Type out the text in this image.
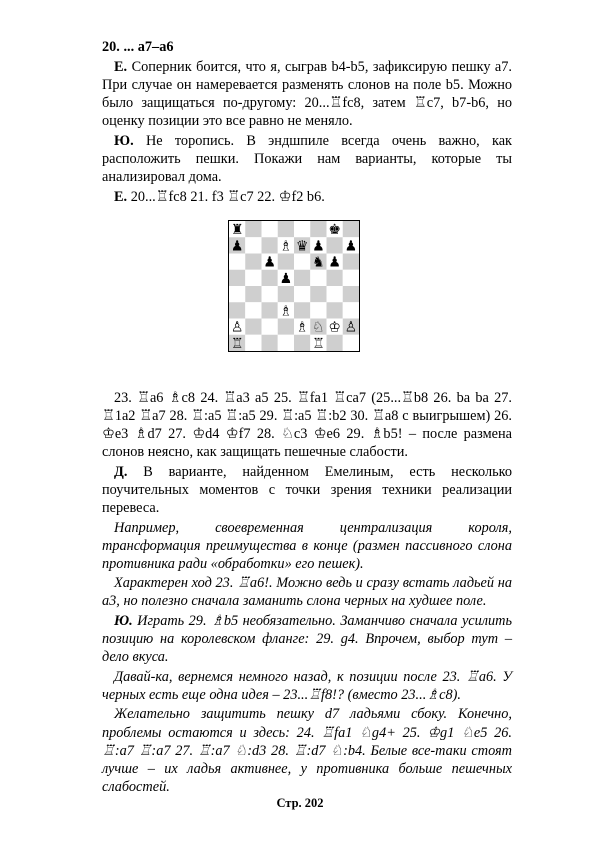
20. ... a7–a6

Е. Соперник боится, что я, сыграв b4-b5, зафиксирую пешку a7. При случае он намеревается разменять слонов на поле b5. Можно было защищаться по-другому: 20...♖fc8, затем ♖c7, b7-b6, но оценку позиции это все равно не меняло.

Ю. Не торопись. В эндшпиле всегда очень важно, как расположить пешки. Покажи нам варианты, которые ты анализировал дома.

Е. 20...♖fc8 21. f3 ♖c7 22. ♔f2 b6.

♜	♚
♟	♗ ♛ ♟ ♟
♟	♞ ♟
♟
♗
♙	♗ ♘ ♔ ♙
♖	♖

23. ♖a6 ♗c8 24. ♖a3 a5 25. ♖fa1 ♖ca7 (25...♖b8 26. ba ba 27. ♖1a2 ♖a7 28. ♖:a5 ♖:a5 29. ♖:a5 ♖:b2 30. ♖a8 с выигрышем) 26. ♔e3 ♗d7 27. ♔d4 ♔f7 28. ♘c3 ♔e6 29. ♗b5! – после размена слонов неясно, как защищать пешечные слабости.

Д. В варианте, найденном Емелиным, есть несколько поучительных моментов с точки зрения техники реализации перевеса.

Например, своевременная централизация короля, трансформация преимущества в конце (размен пассивного слона противника ради «обработки» его пешек).

Характерен ход 23. ♖a6!. Можно ведь и сразу встать ладьей на a3, но полезно сначала заманить слона черных на худшее поле.

Ю. Играть 29. ♗b5 необязательно. Заманчиво сначала усилить позицию на королевском фланге: 29. g4. Впрочем, выбор тут – дело вкуса.

Давай-ка, вернемся немного назад, к позиции после 23. ♖a6. У черных есть еще одна идея – 23...♖f8!? (вместо 23...♗c8).

Желательно защитить пешку d7 ладьями сбоку. Конечно, проблемы остаются и здесь: 24. ♖fa1 ♘g4+ 25. ♔g1 ♘e5 26. ♖:a7 ♖:a7 27. ♖:a7 ♘:d3 28. ♖:d7 ♘:b4. Белые все-таки стоят лучше – их ладья активнее, у противника больше пешечных слабостей.

Стр. 202
